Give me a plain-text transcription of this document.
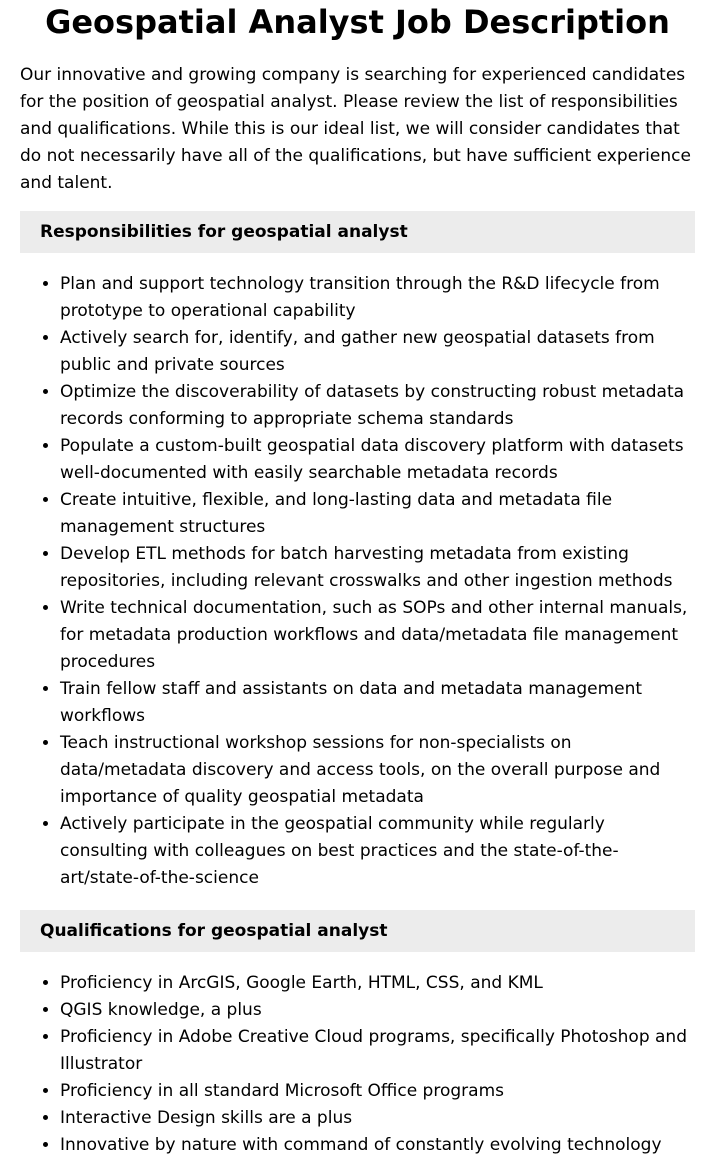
Geospatial Analyst Job Description

Our innovative and growing company is searching for experienced candidates for the position of geospatial analyst. Please review the list of responsibilities and qualifications. While this is our ideal list, we will consider candidates that do not necessarily have all of the qualifications, but have sufficient experience and talent.

Responsibilities for geospatial analyst
• Plan and support technology transition through the R&D lifecycle from prototype to operational capability
• Actively search for, identify, and gather new geospatial datasets from public and private sources
• Optimize the discoverability of datasets by constructing robust metadata records conforming to appropriate schema standards
• Populate a custom-built geospatial data discovery platform with datasets well-documented with easily searchable metadata records
• Create intuitive, flexible, and long-lasting data and metadata file management structures
• Develop ETL methods for batch harvesting metadata from existing repositories, including relevant crosswalks and other ingestion methods
• Write technical documentation, such as SOPs and other internal manuals, for metadata production workflows and data/metadata file management procedures
• Train fellow staff and assistants on data and metadata management workflows
• Teach instructional workshop sessions for non-specialists on data/metadata discovery and access tools, on the overall purpose and importance of quality geospatial metadata
• Actively participate in the geospatial community while regularly consulting with colleagues on best practices and the state-of-the-art/state-of-the-science
Qualifications for geospatial analyst
• Proficiency in ArcGIS, Google Earth, HTML, CSS, and KML
• QGIS knowledge, a plus
• Proficiency in Adobe Creative Cloud programs, specifically Photoshop and Illustrator
• Proficiency in all standard Microsoft Office programs
• Interactive Design skills are a plus
• Innovative by nature with command of constantly evolving technology
